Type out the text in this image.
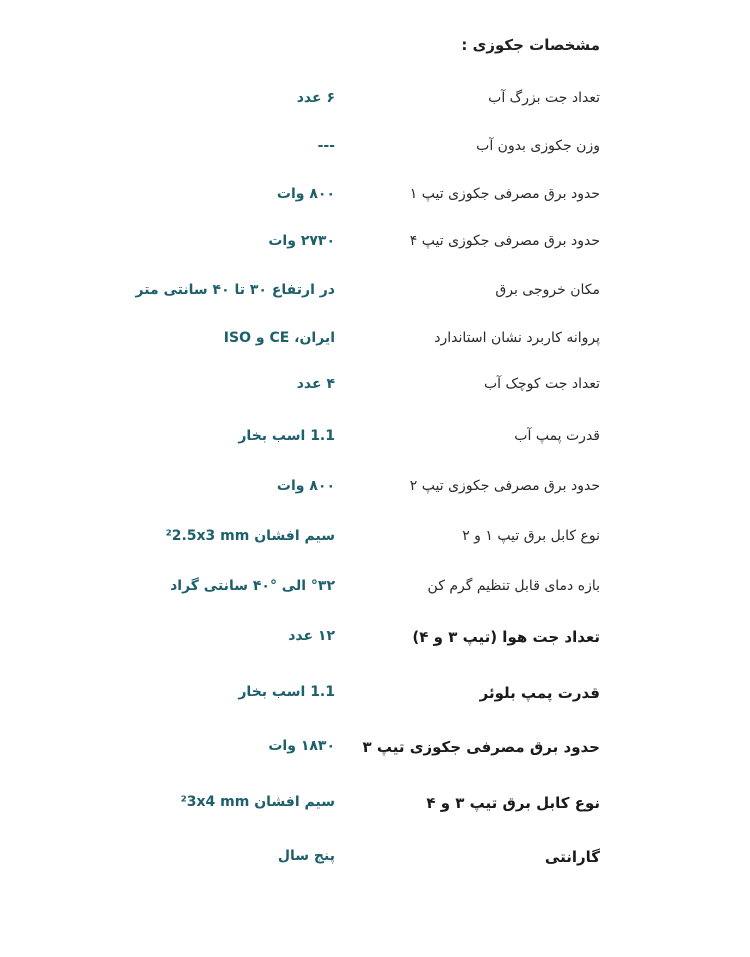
مشخصات جکوزی :
تعداد جت بزرگ آب
۶ عدد
وزن جکوزی بدون آب
---
حدود برق مصرفی جکوزی تیپ ۱
۸۰۰ وات
حدود برق مصرفی جکوزی تیپ ۴
۲۷۳۰ وات
مکان خروجی برق
در ارتفاع ۳۰ تا ۴۰ سانتی متر
پروانه کاربرد نشان استاندارد
ایران، CE و ISO
تعداد جت کوچک آب
۴ عدد
قدرت پمپ آب
1.1 اسب بخار
حدود برق مصرفی جکوزی تیپ ۲
۸۰۰ وات
نوع کابل برق تیپ ۱ و ۲
سیم افشان ²2.5x3 mm
بازه دمای قابل تنظیم گرم کن
°۳۲ الی °۴۰ سانتی گراد
تعداد جت هوا (تیپ ۳ و ۴)
۱۲ عدد
قدرت پمپ بلوئر
1.1 اسب بخار
حدود برق مصرفی جکوزی تیپ ۳
۱۸۳۰ وات
نوع کابل برق تیپ ۳ و ۴
سیم افشان ²3x4 mm
گارانتی
پنج سال
